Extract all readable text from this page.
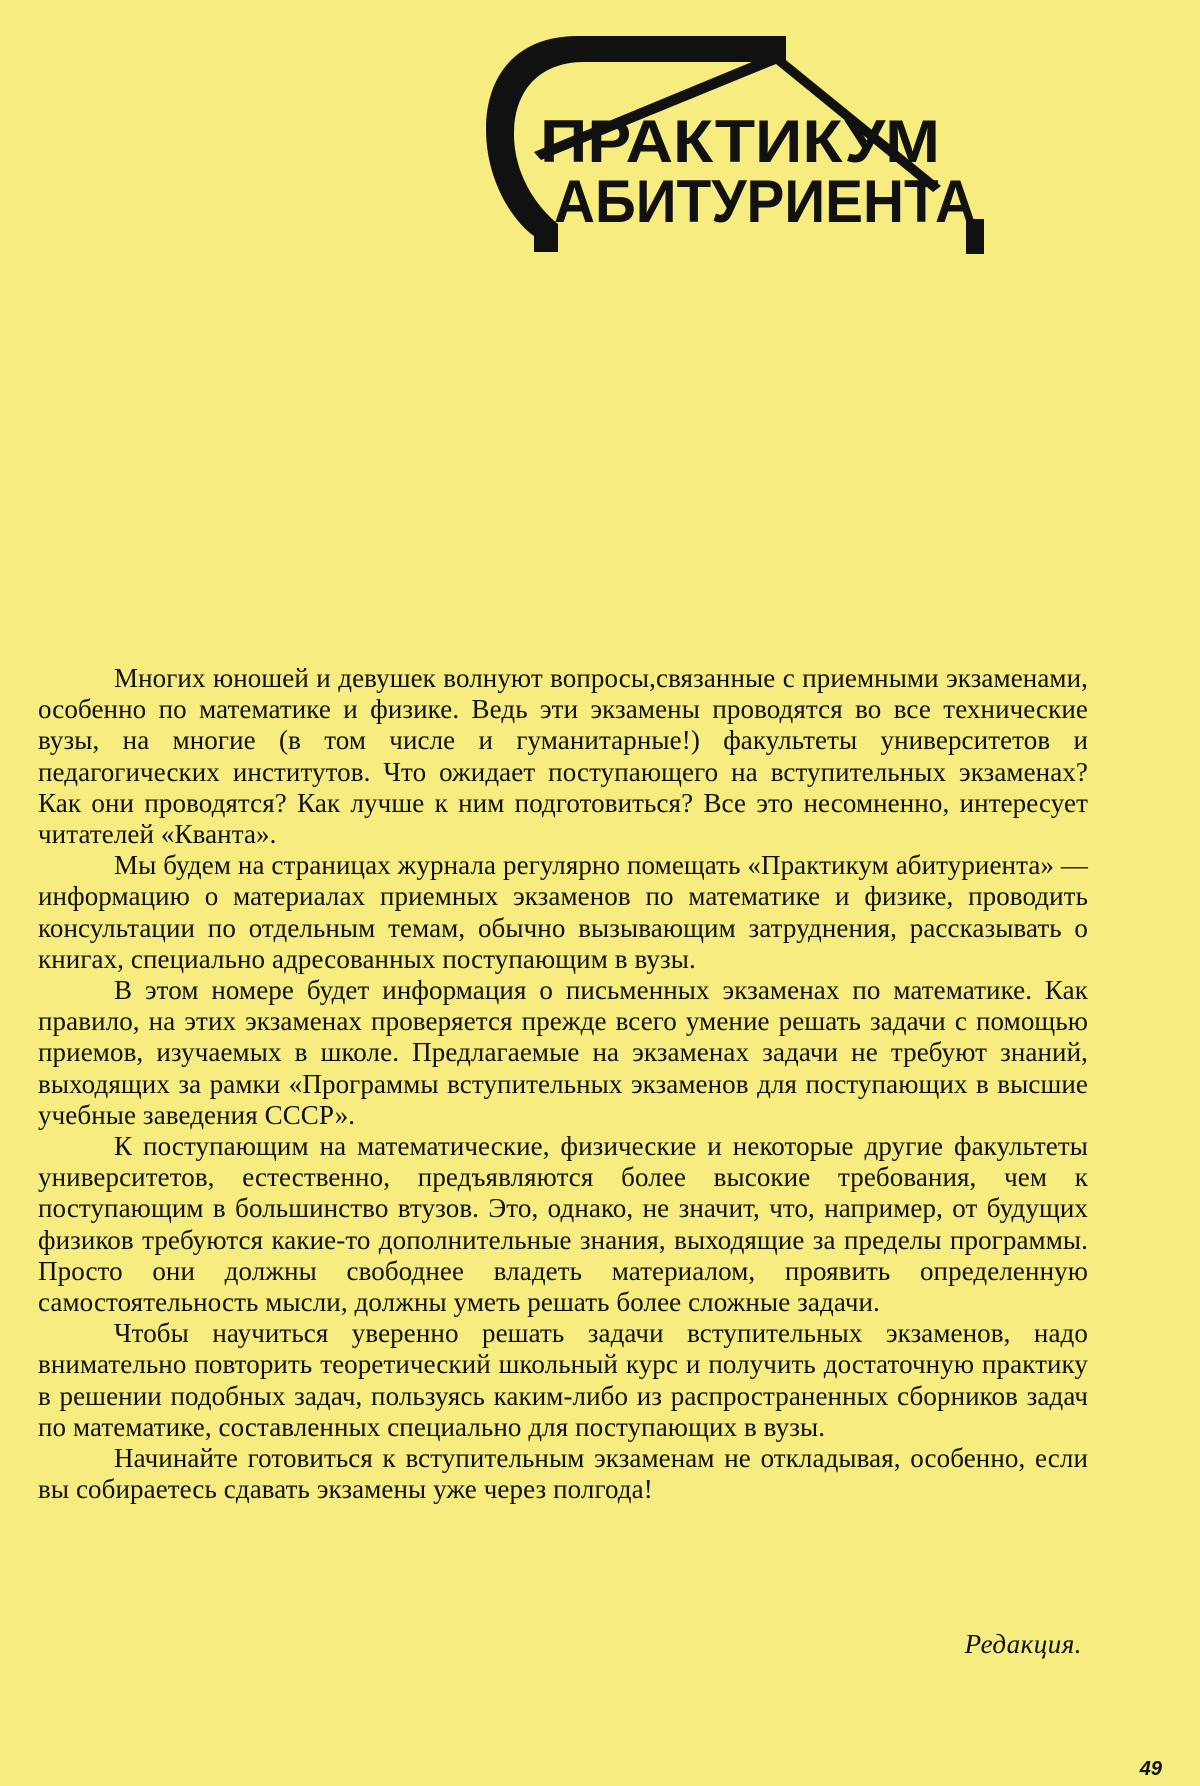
ПРАКТИКУМ
АБИТУРИЕНТА

Многих юношей и девушек волнуют вопросы,связанные с приемными экзаменами, особенно по математике и физике. Ведь эти экзамены проводятся во все технические вузы, на многие (в том числе и гуманитарные!) факультеты университетов и педагогических институтов. Что ожидает поступающего на вступительных экзаменах? Как они проводятся? Как лучше к ним подготовиться? Все это несомненно, интересует читателей «Кванта».

Мы будем на страницах журнала регулярно помещать «Практикум абитуриента» — информацию о материалах приемных экзаменов по математике и физике, проводить консультации по отдельным темам, обычно вызывающим затруднения, рассказывать о книгах, специально адресованных поступающим в вузы.

В этом номере будет информация о письменных экзаменах по математике. Как правило, на этих экзаменах проверяется прежде всего умение решать задачи с помощью приемов, изучаемых в школе. Предлагаемые на экзаменах задачи не требуют знаний, выходящих за рамки «Программы вступительных экзаменов для поступающих в высшие учебные заведения СССР».

К поступающим на математические, физические и некоторые другие факультеты университетов, естественно, предъявляются более высокие требования, чем к поступающим в большинство втузов. Это, однако, не значит, что, например, от будущих физиков требуются какие-то дополнительные знания, выходящие за пределы программы. Просто они должны свободнее владеть материалом, проявить определенную самостоятельность мысли, должны уметь решать более сложные задачи.

Чтобы научиться уверенно решать задачи вступительных экзаменов, надо внимательно повторить теоретический школьный курс и получить достаточную практику в решении подобных задач, пользуясь каким-либо из распространенных сборников задач по математике, составленных специально для поступающих в вузы.

Начинайте готовиться к вступительным экзаменам не откладывая, особенно, если вы собираетесь сдавать экзамены уже через полгода!

Редакция.
49
